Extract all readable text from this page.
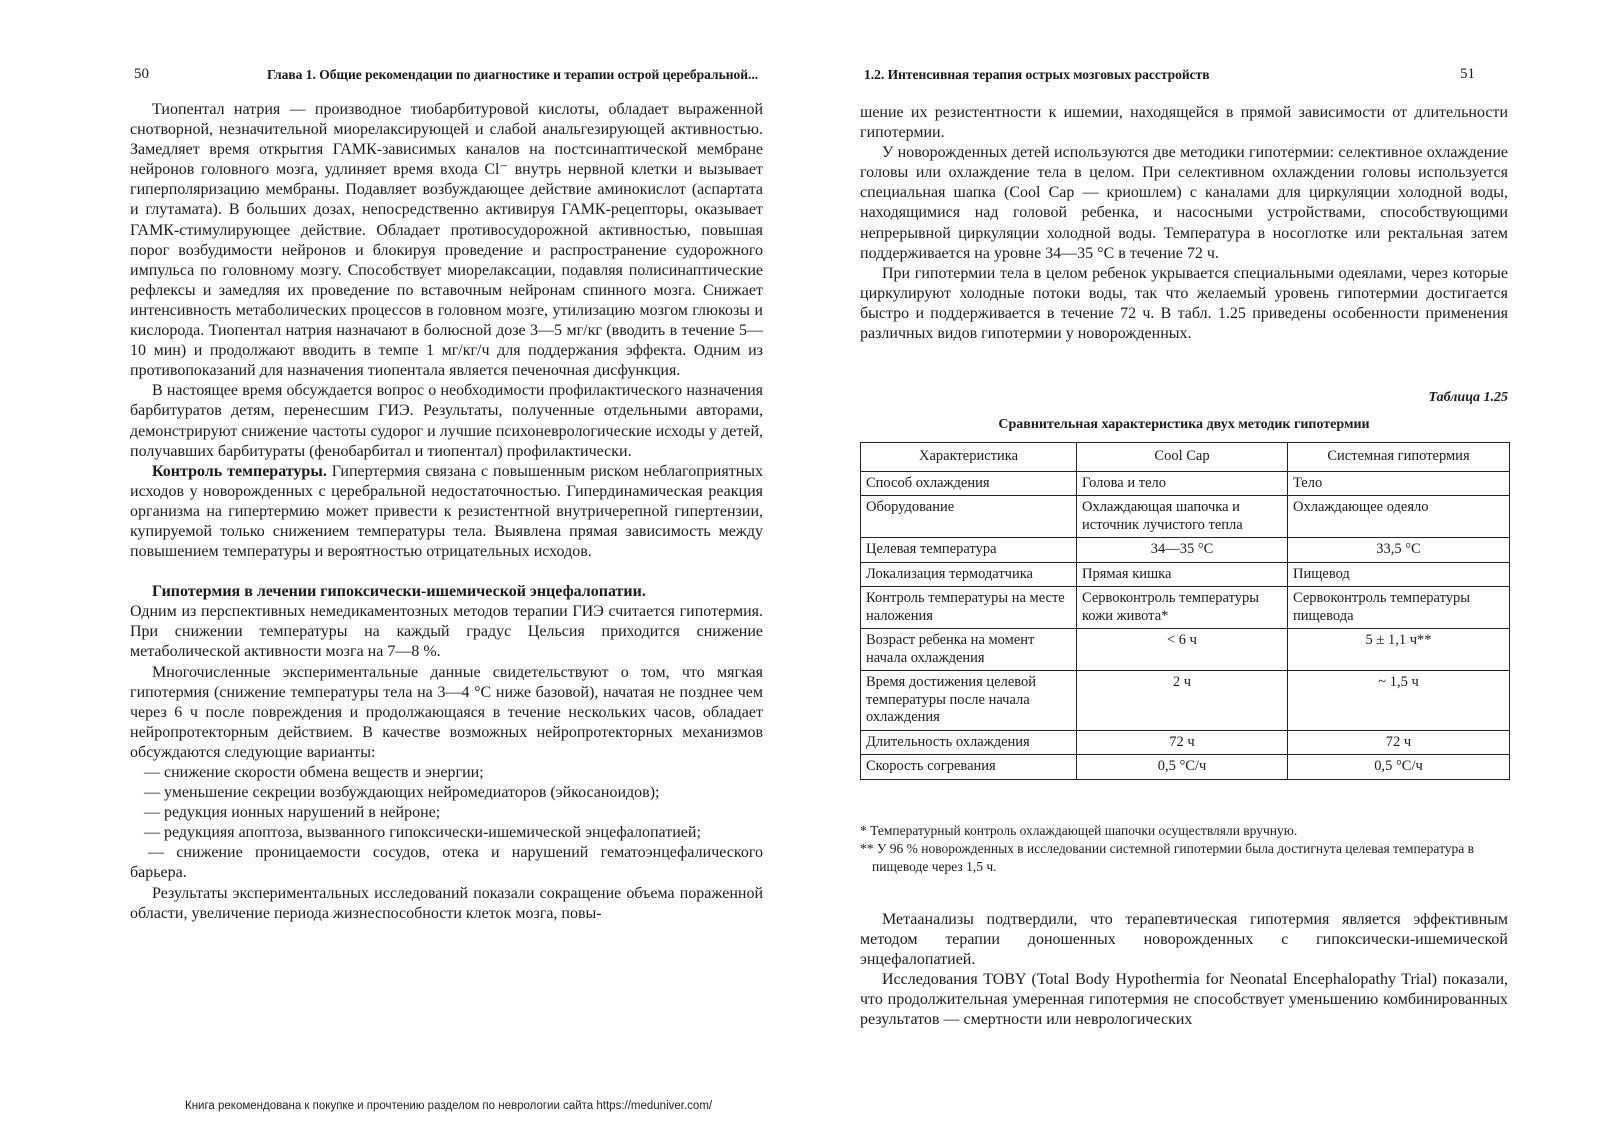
50	Глава 1. Общие рекомендации по диагностике и терапии острой церебральной...

Тиопентал натрия — производное тиобарбитуровой кислоты, обладает выраженной снотворной, незначительной миорелаксирующей и слабой анальгезирующей активностью. Замедляет время открытия ГАМК-зависимых каналов на постсинаптической мембране нейронов головного мозга, удлиняет время входа Cl⁻ внутрь нервной клетки и вызывает гиперполяризацию мембраны. Подавляет возбуждающее действие аминокислот (аспартата и глутамата). В больших дозах, непосредственно активируя ГАМК-рецепторы, оказывает ГАМК-стимулирующее действие. Обладает противосудорожной активностью, повышая порог возбудимости нейронов и блокируя проведение и распространение судорожного импульса по головному мозгу. Способствует миорелаксации, подавляя полисинаптические рефлексы и замедляя их проведение по вставочным нейронам спинного мозга. Снижает интенсивность метаболических процессов в головном мозге, утилизацию мозгом глюкозы и кислорода. Тиопентал натрия назначают в болюсной дозе 3—5 мг/кг (вводить в течение 5—10 мин) и продолжают вводить в темпе 1 мг/кг/ч для поддержания эффекта. Одним из противопоказаний для назначения тиопентала является печеночная дисфункция.

В настоящее время обсуждается вопрос о необходимости профилактического назначения барбитуратов детям, перенесшим ГИЭ. Результаты, полученные отдельными авторами, демонстрируют снижение частоты судорог и лучшие психоневрологические исходы у детей, получавших барбитураты (фенобарбитал и тиопентал) профилактически.

Контроль температуры. Гипертермия связана с повышенным риском неблагоприятных исходов у новорожденных с церебральной недостаточностью. Гипердинамическая реакция организма на гипертермию может привести к резистентной внутричерепной гипертензии, купируемой только снижением температуры тела. Выявлена прямая зависимость между повышением температуры и вероятностью отрицательных исходов.

Гипотермия в лечении гипоксически-ишемической энцефалопатии.

Одним из перспективных немедикаментозных методов терапии ГИЭ считается гипотермия. При снижении температуры на каждый градус Цельсия приходится снижение метаболической активности мозга на 7—8 %.

Многочисленные экспериментальные данные свидетельствуют о том, что мягкая гипотермия (снижение температуры тела на 3—4 °С ниже базовой), начатая не позднее чем через 6 ч после повреждения и продолжающаяся в течение нескольких часов, обладает нейропротекторным действием. В качестве возможных нейропротекторных механизмов обсуждаются следующие варианты:

— снижение скорости обмена веществ и энергии;
— уменьшение секреции возбуждающих нейромедиаторов (эйкосаноидов);
— редукция ионных нарушений в нейроне;
— редукцияя апоптоза, вызванного гипоксически-ишемической энцефалопатией;
— снижение проницаемости сосудов, отека и нарушений гематоэнцефалического барьера.

Результаты экспериментальных исследований показали сокращение объема пораженной области, увеличение периода жизнеспособности клеток мозга, повы-

1.2. Интенсивная терапия острых мозговых расстройств	51

шение их резистентности к ишемии, находящейся в прямой зависимости от длительности гипотермии.

У новорожденных детей используются две методики гипотермии: селективное охлаждение головы или охлаждение тела в целом. При селективном охлаждении головы используется специальная шапка (Cool Cap — криошлем) с каналами для циркуляции холодной воды, находящимися над головой ребенка, и насосными устройствами, способствующими непрерывной циркуляции холодной воды. Температура в носоглотке или ректальная затем поддерживается на уровне 34—35 °С в течение 72 ч.

При гипотермии тела в целом ребенок укрывается специальными одеялами, через которые циркулируют холодные потоки воды, так что желаемый уровень гипотермии достигается быстро и поддерживается в течение 72 ч. В табл. 1.25 приведены особенности применения различных видов гипотермии у новорожденных.

Таблица 1.25
Сравнительная характеристика двух методик гипотермии
Характеристика	Cool Cap	Системная гипотермия
Способ охлаждения	Голова и тело	Тело
Оборудование	Охлаждающая шапочка и источник лучистого тепла	Охлаждающее одеяло
Целевая температура	34—35 °С	33,5 °С
Локализация термодатчика	Прямая кишка	Пищевод
Контроль температуры на месте наложения	Сервоконтроль температуры кожи живота*	Сервоконтроль температуры пищевода
Возраст ребенка на момент начала охлаждения	< 6 ч	5 ± 1,1 ч**
Время достижения целевой температуры после начала охлаждения	2 ч	~ 1,5 ч
Длительность охлаждения	72 ч	72 ч
Скорость согревания	0,5 °С/ч	0,5 °С/ч
* Температурный контроль охлаждающей шапочки осуществляли вручную.
** У 96 % новорожденных в исследовании системной гипотермии была достигнута целевая температура в пищеводе через 1,5 ч.

Метаанализы подтвердили, что терапевтическая гипотермия является эффективным методом терапии доношенных новорожденных с гипоксически-ишемической энцефалопатией.

Исследования TOBY (Total Body Hypothermia for Neonatal Encephalopathy Trial) показали, что продолжительная умеренная гипотермия не способствует уменьшению комбинированных результатов — смертности или неврологических

Книга рекомендована к покупке и прочтению разделом по неврологии сайта https://meduniver.com/
